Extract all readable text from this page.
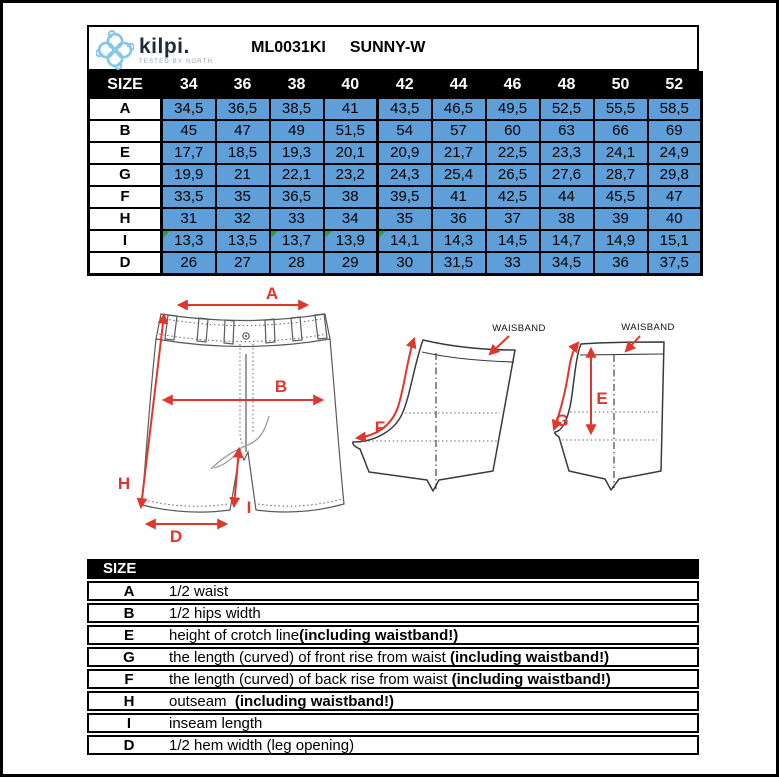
kilpi.
TESTED BY NORTH
ML0031KI SUNNY-W
SIZE	34	36	38	40	42	44	46	48	50	52
A	34,5	36,5	38,5	41	43,5	46,5	49,5	52,5	55,5	58,5
B	45	47	49	51,5	54	57	60	63	66	69
E	17,7	18,5	19,3	20,1	20,9	21,7	22,5	23,3	24,1	24,9
G	19,9	21	22,1	23,2	24,3	25,4	26,5	27,6	28,7	29,8
F	33,5	35	36,5	38	39,5	41	42,5	44	45,5	47
H	31	32	33	34	35	36	37	38	39	40
I	13,3	13,5	13,7	13,9	14,1	14,3	14,5	14,7	14,9	15,1
D	26	27	28	29	30	31,5	33	34,5	36	37,5
A
B
H
I
D
F
WAISBAND
E
G
WAISBAND
SIZE
A	1/2 waist
B	1/2 hips width
E	height of crotch line(including waistband!)
G	the length (curved) of front rise from waist (including waistband!)
F	the length (curved) of back rise from waist (including waistband!)
H	outseam  (including waistband!)
I	inseam length
D	1/2 hem width (leg opening)
